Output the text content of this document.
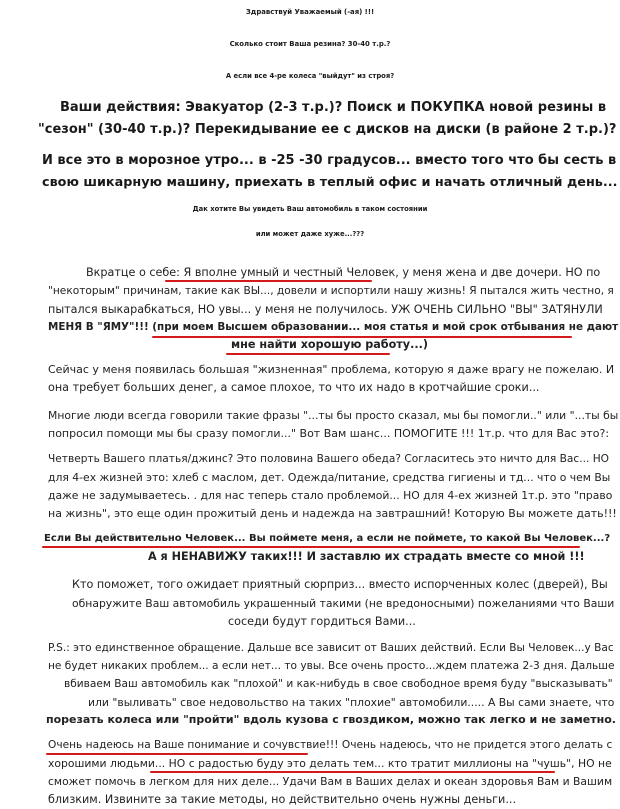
Здравствуй Уважаемый (-ая) !!!
Сколько стоит Ваша резина? 30-40 т.р.?
А если все 4-ре колеса "выйдут" из строя?
Ваши действия: Эвакуатор (2-3 т.р.)? Поиск и ПОКУПКА новой резины в
"сезон" (30-40 т.р.)? Перекидывание ее с дисков на диски (в районе 2 т.р.)?
И все это в морозное утро... в -25 -30 градусов... вместо того что бы сесть в
свою шикарную машину, приехать в теплый офис и начать отличный день...
Дак хотите Вы увидеть Ваш автомобиль в таком состоянии
или может даже хуже...???
Вкратце о себе: Я вполне умный и честный Человек, у меня жена и две дочери. НО по
"некоторым" причинам, такие как ВЫ..., довели и испортили нашу жизнь! Я пытался жить честно, я
пытался выкарабкаться, НО увы... у меня не получилось. УЖ ОЧЕНЬ СИЛЬНО "ВЫ" ЗАТЯНУЛИ
МЕНЯ В "ЯМУ"!!! (при моем Высшем образовании... моя статья и мой срок отбывания не дают
мне найти хорошую работу...)
Сейчас у меня появилась большая "жизненная" проблема, которую я даже врагу не пожелаю. И
она требует больших денег, а самое плохое, то что их надо в кротчайшие сроки...
Многие люди всегда говорили такие фразы "...ты бы просто сказал, мы бы помогли.." или "...ты бы
попросил помощи мы бы сразу помогли..." Вот Вам шанс... ПОМОГИТЕ !!! 1т.р. что для Вас это?:
Четверть Вашего платья/джинс? Это половина Вашего обеда? Согласитесь это ничто для Вас... НО
для 4-ех жизней это: хлеб с маслом, дет. Одежда/питание, средства гигиены и тд... что о чем Вы
даже не задумываетесь. . для нас теперь стало проблемой... НО для 4-ех жизней 1т.р. это "право
на жизнь", это еще один прожитый день и надежда на завтрашний! Которую Вы можете дать!!!
Если Вы действительно Человек... Вы поймете меня, а если не поймете, то какой Вы Человек...?
А я НЕНАВИЖУ таких!!! И заставлю их страдать вместе со мной !!!
Кто поможет, того ожидает приятный сюрприз... вместо испорченных колес (дверей), Вы
обнаружите Ваш автомобиль украшенный такими (не вредоносными) пожеланиями что Ваши
соседи будут гордиться Вами...
P.S.: это единственное обращение. Дальше все зависит от Ваших действий. Если Вы Человек...у Вас
не будет никаких проблем... а если нет... то увы. Все очень просто...ждем платежа 2-3 дня. Дальше
вбиваем Ваш автомобиль как "плохой" и как-нибудь в свое свободное время буду "высказывать"
или "выливать" свое недовольство на таких "плохие" автомобили..... А Вы сами знаете, что
порезать колеса или "пройти" вдоль кузова с гвоздиком, можно так легко и не заметно.
Очень надеюсь на Ваше понимание и сочувствие!!! Очень надеюсь, что не придется этого делать с
хорошими людьми... НО с радостью буду это делать тем... кто тратит миллионы на "чушь", НО не
сможет помочь в легком для них деле... Удачи Вам в Ваших делах и океан здоровья Вам и Вашим
близким. Извините за такие методы, но действительно очень нужны деньги...
